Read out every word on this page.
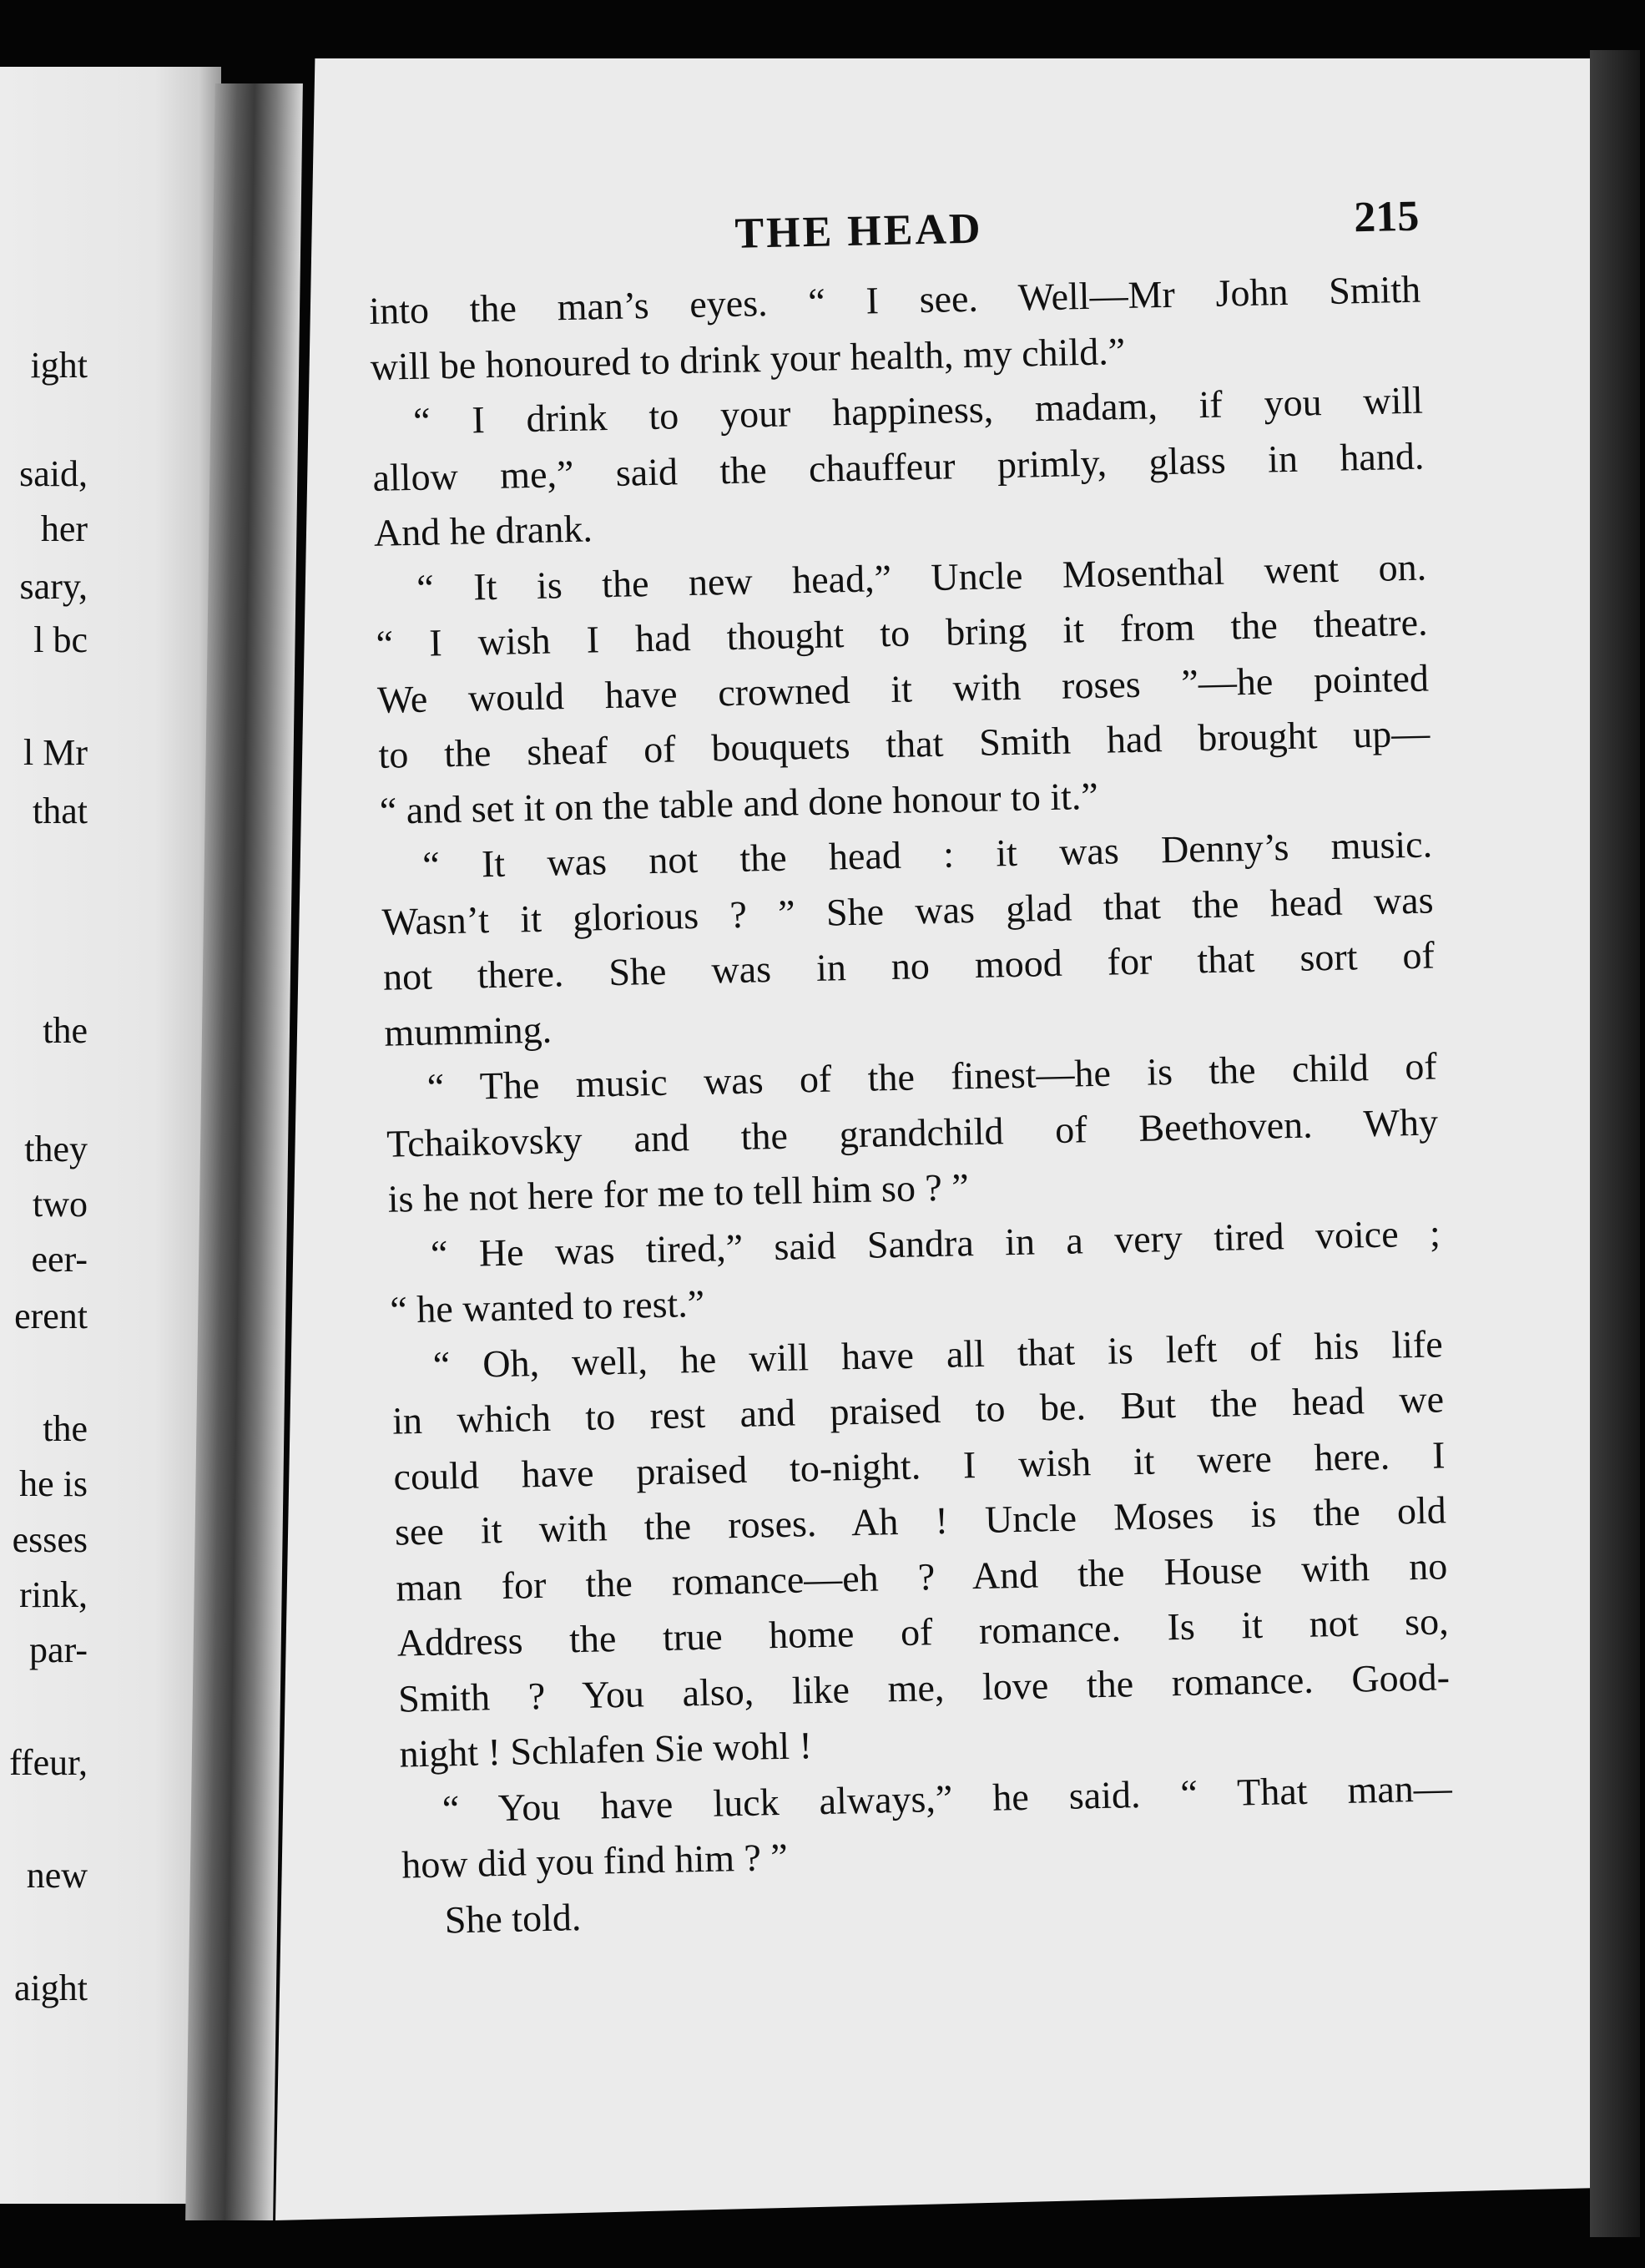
ight
said,
her
sary,
l bc
l Mr
that
the
they
two
eer-
erent
the
he is
esses
rink,
par-
ffeur,
new
aight
THE HEAD	215
into the man’s eyes. “ I see. Well—Mr John Smith
will be honoured to drink your health, my child.”
“ I drink to your happiness, madam, if you will
allow me,” said the chauffeur primly, glass in hand.
And he drank.
“ It is the new head,” Uncle Mosenthal went on.
“ I wish I had thought to bring it from the theatre.
We would have crowned it with roses ”—he pointed
to the sheaf of bouquets that Smith had brought up—
“ and set it on the table and done honour to it.”
“ It was not the head : it was Denny’s music.
Wasn’t it glorious ? ” She was glad that the head was
not there. She was in no mood for that sort of
mumming.
“ The music was of the finest—he is the child of
Tchaikovsky and the grandchild of Beethoven. Why
is he not here for me to tell him so ? ”
“ He was tired,” said Sandra in a very tired voice ;
“ he wanted to rest.”
“ Oh, well, he will have all that is left of his life
in which to rest and praised to be. But the head we
could have praised to-night. I wish it were here. I
see it with the roses. Ah ! Uncle Moses is the old
man for the romance—eh ? And the House with no
Address the true home of romance. Is it not so,
Smith ? You also, like me, love the romance. Good-
night ! Schlafen Sie wohl !
“ You have luck always,” he said. “ That man—
how did you find him ? ”
She told.
